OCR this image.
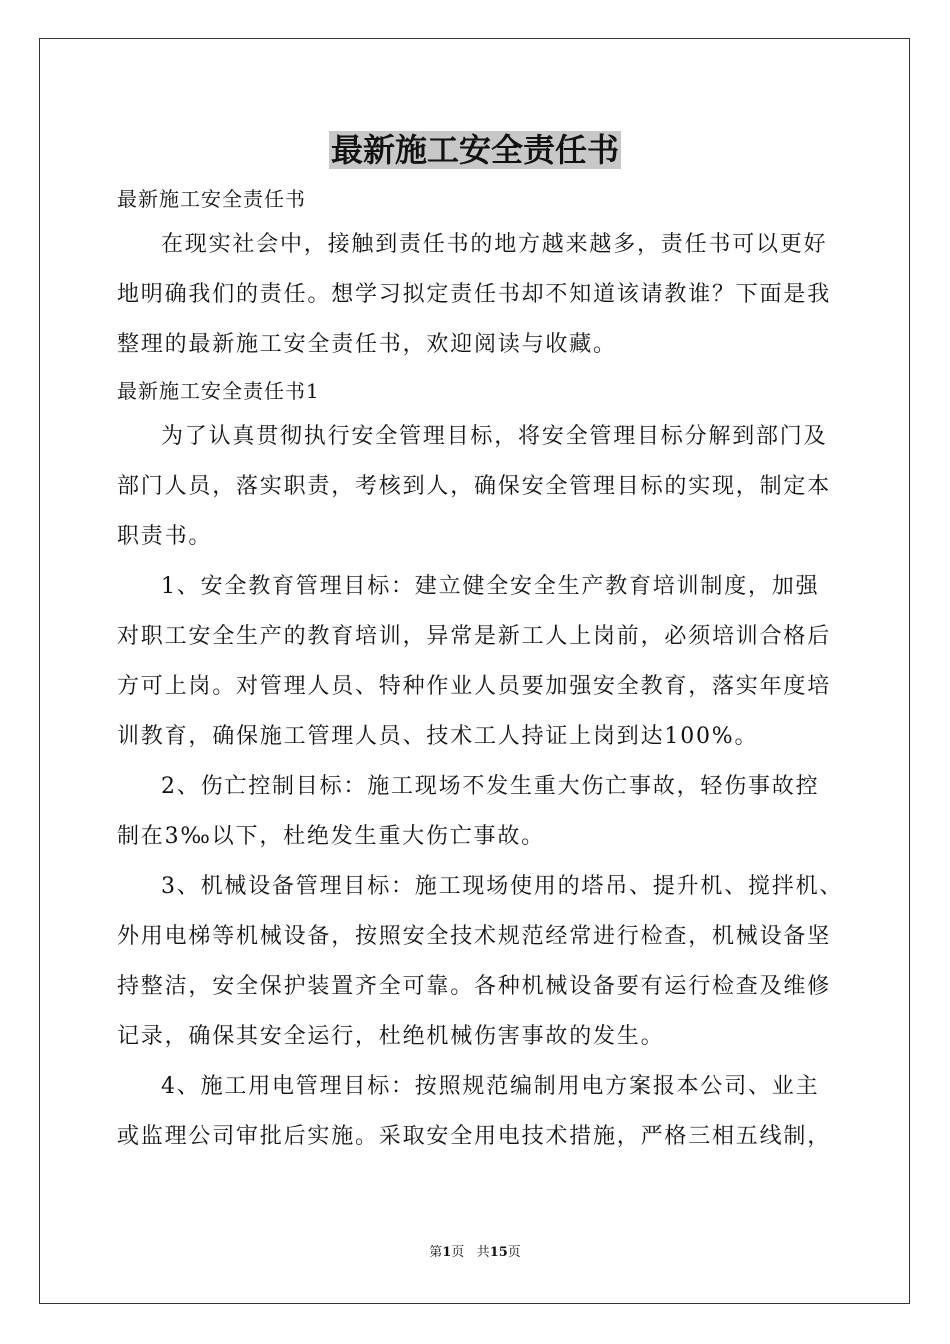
最新施工安全责任书

最新施工安全责任书

在现实社会中，接触到责任书的地方越来越多，责任书可以更好

地明确我们的责任。想学习拟定责任书却不知道该请教谁？下面是我

整理的最新施工安全责任书，欢迎阅读与收藏。

最新施工安全责任书1

为了认真贯彻执行安全管理目标，将安全管理目标分解到部门及

部门人员，落实职责，考核到人，确保安全管理目标的实现，制定本

职责书。

1、安全教育管理目标：建立健全安全生产教育培训制度，加强

对职工安全生产的教育培训，异常是新工人上岗前，必须培训合格后

方可上岗。对管理人员、特种作业人员要加强安全教育，落实年度培

训教育，确保施工管理人员、技术工人持证上岗到达100%。

2、伤亡控制目标：施工现场不发生重大伤亡事故，轻伤事故控

制在3‰以下，杜绝发生重大伤亡事故。

3、机械设备管理目标：施工现场使用的塔吊、提升机、搅拌机、

外用电梯等机械设备，按照安全技术规范经常进行检查，机械设备坚

持整洁，安全保护装置齐全可靠。各种机械设备要有运行检查及维修

记录，确保其安全运行，杜绝机械伤害事故的发生。

4、施工用电管理目标：按照规范编制用电方案报本公司、业主

或监理公司审批后实施。采取安全用电技术措施，严格三相五线制，

第1页 共15页
